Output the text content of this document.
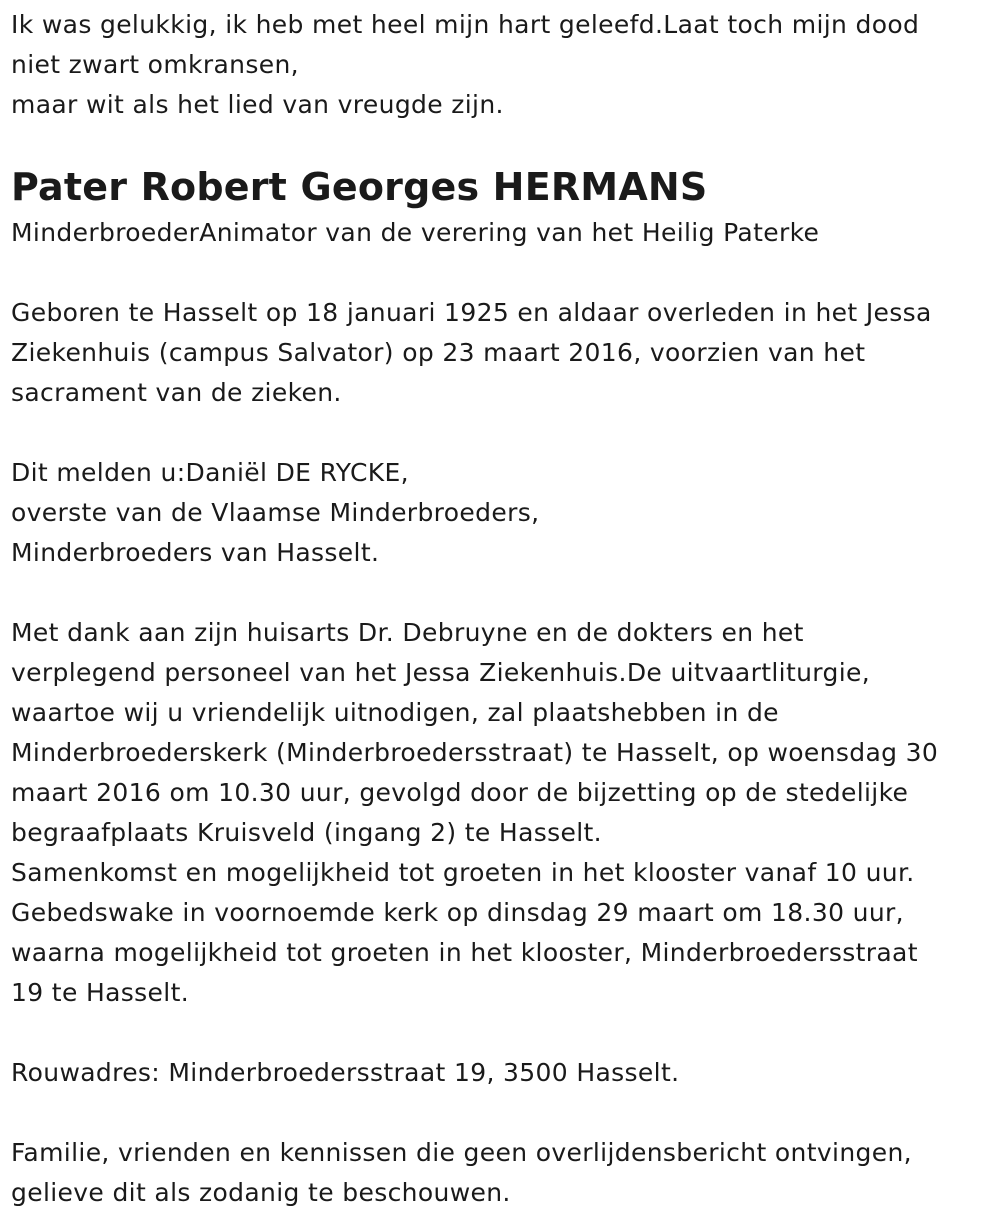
Ik was gelukkig, ik heb met heel mijn hart geleefd.Laat toch mijn dood
niet zwart omkransen,
maar wit als het lied van vreugde zijn.
Pater Robert Georges HERMANS
MinderbroederAnimator van de verering van het Heilig Paterke
Geboren te Hasselt op 18 januari 1925 en aldaar overleden in het Jessa
Ziekenhuis (campus Salvator) op 23 maart 2016, voorzien van het
sacrament van de zieken.
Dit melden u:Daniël DE RYCKE,
overste van de Vlaamse Minderbroeders,
Minderbroeders van Hasselt.
Met dank aan zijn huisarts Dr. Debruyne en de dokters en het
verplegend personeel van het Jessa Ziekenhuis.De uitvaartliturgie,
waartoe wij u vriendelijk uitnodigen, zal plaatshebben in de
Minderbroederskerk (Minderbroedersstraat) te Hasselt, op woensdag 30
maart 2016 om 10.30 uur, gevolgd door de bijzetting op de stedelijke
begraafplaats Kruisveld (ingang 2) te Hasselt.
Samenkomst en mogelijkheid tot groeten in het klooster vanaf 10 uur.
Gebedswake in voornoemde kerk op dinsdag 29 maart om 18.30 uur,
waarna mogelijkheid tot groeten in het klooster, Minderbroedersstraat
19 te Hasselt.
Rouwadres: Minderbroedersstraat 19, 3500 Hasselt.
Familie, vrienden en kennissen die geen overlijdensbericht ontvingen,
gelieve dit als zodanig te beschouwen.
